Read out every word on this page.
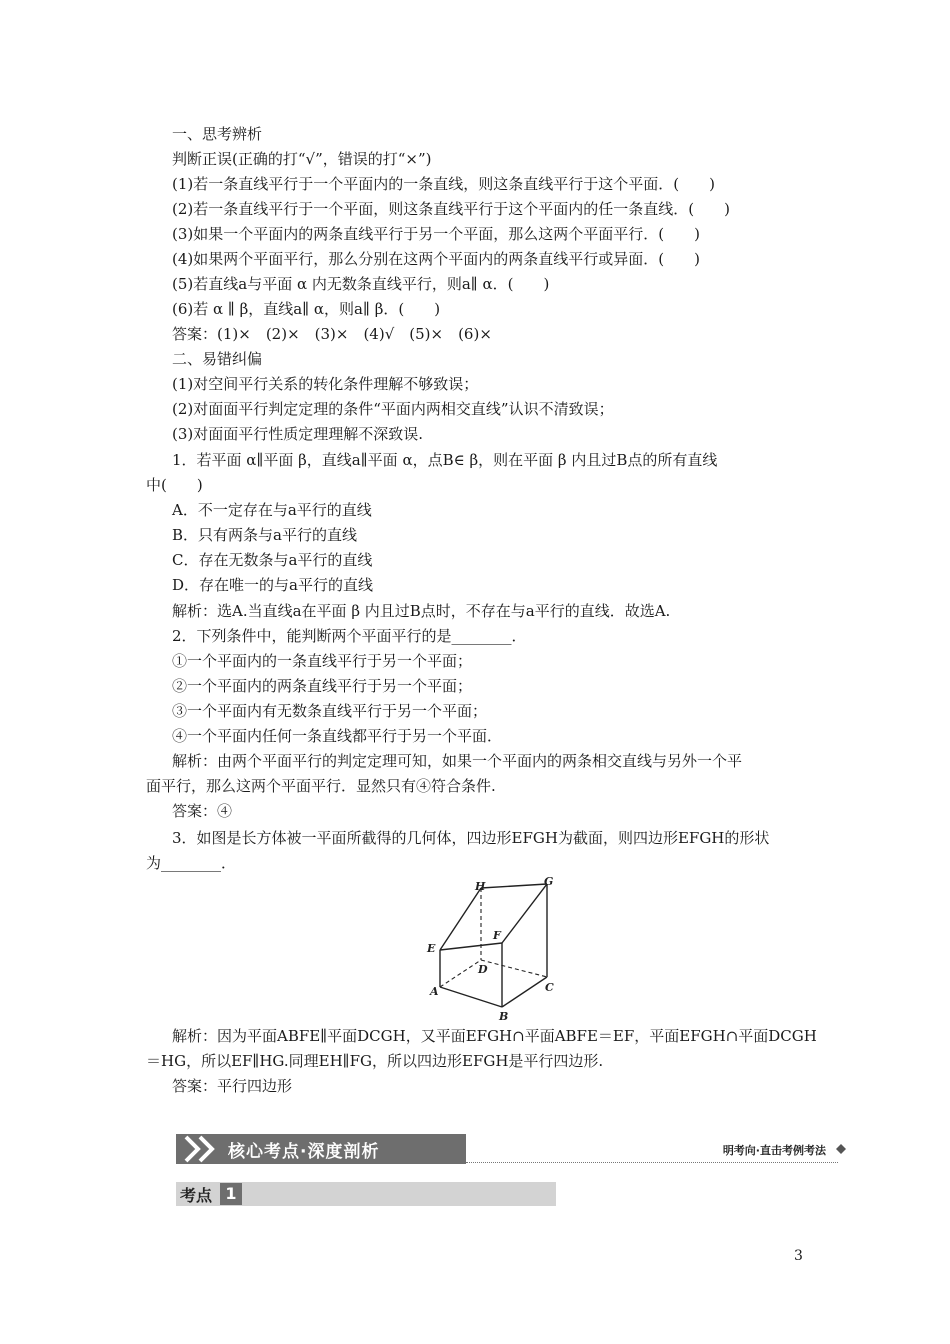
一、思考辨析
判断正误(正确的打“√”，错误的打“×”)
(1)若一条直线平行于一个平面内的一条直线，则这条直线平行于这个平面．(　　)
(2)若一条直线平行于一个平面，则这条直线平行于这个平面内的任一条直线．(　　)
(3)如果一个平面内的两条直线平行于另一个平面，那么这两个平面平行．(　　)
(4)如果两个平面平行，那么分别在这两个平面内的两条直线平行或异面．(　　)
(5)若直线a与平面 α 内无数条直线平行，则a∥ α．(　　)
(6)若 α ∥ β，直线a∥ α，则a∥ β．(　　)
答案：(1)×　(2)×　(3)×　(4)√　(5)×　(6)×
二、易错纠偏
(1)对空间平行关系的转化条件理解不够致误；
(2)对面面平行判定定理的条件“平面内两相交直线”认识不清致误；
(3)对面面平行性质定理理解不深致误.
1．若平面 α∥平面 β，直线a∥平面 α，点B∈ β，则在平面 β 内且过B点的所有直线
中(　　)
A．不一定存在与a平行的直线
B．只有两条与a平行的直线
C．存在无数条与a平行的直线
D．存在唯一的与a平行的直线
解析：选A.当直线a在平面 β 内且过B点时，不存在与a平行的直线．故选A.
2．下列条件中，能判断两个平面平行的是________．
①一个平面内的一条直线平行于另一个平面；
②一个平面内的两条直线平行于另一个平面；
③一个平面内有无数条直线平行于另一个平面；
④一个平面内任何一条直线都平行于另一个平面．
解析：由两个平面平行的判定定理可知，如果一个平面内的两条相交直线与另外一个平
面平行，那么这两个平面平行．显然只有④符合条件.
答案：④
3．如图是长方体被一平面所截得的几何体，四边形EFGH为截面，则四边形EFGH的形状
为________．
H	G
E
F
D
A	C
B
解析：因为平面ABFE∥平面DCGH，又平面EFGH∩平面ABFE＝EF，平面EFGH∩平面DCGH
＝HG，所以EF∥HG.同理EH∥FG，所以四边形EFGH是平行四边形.
答案：平行四边形
核心考点·深度剖析	明考向·直击考例考法
考点 1
3
